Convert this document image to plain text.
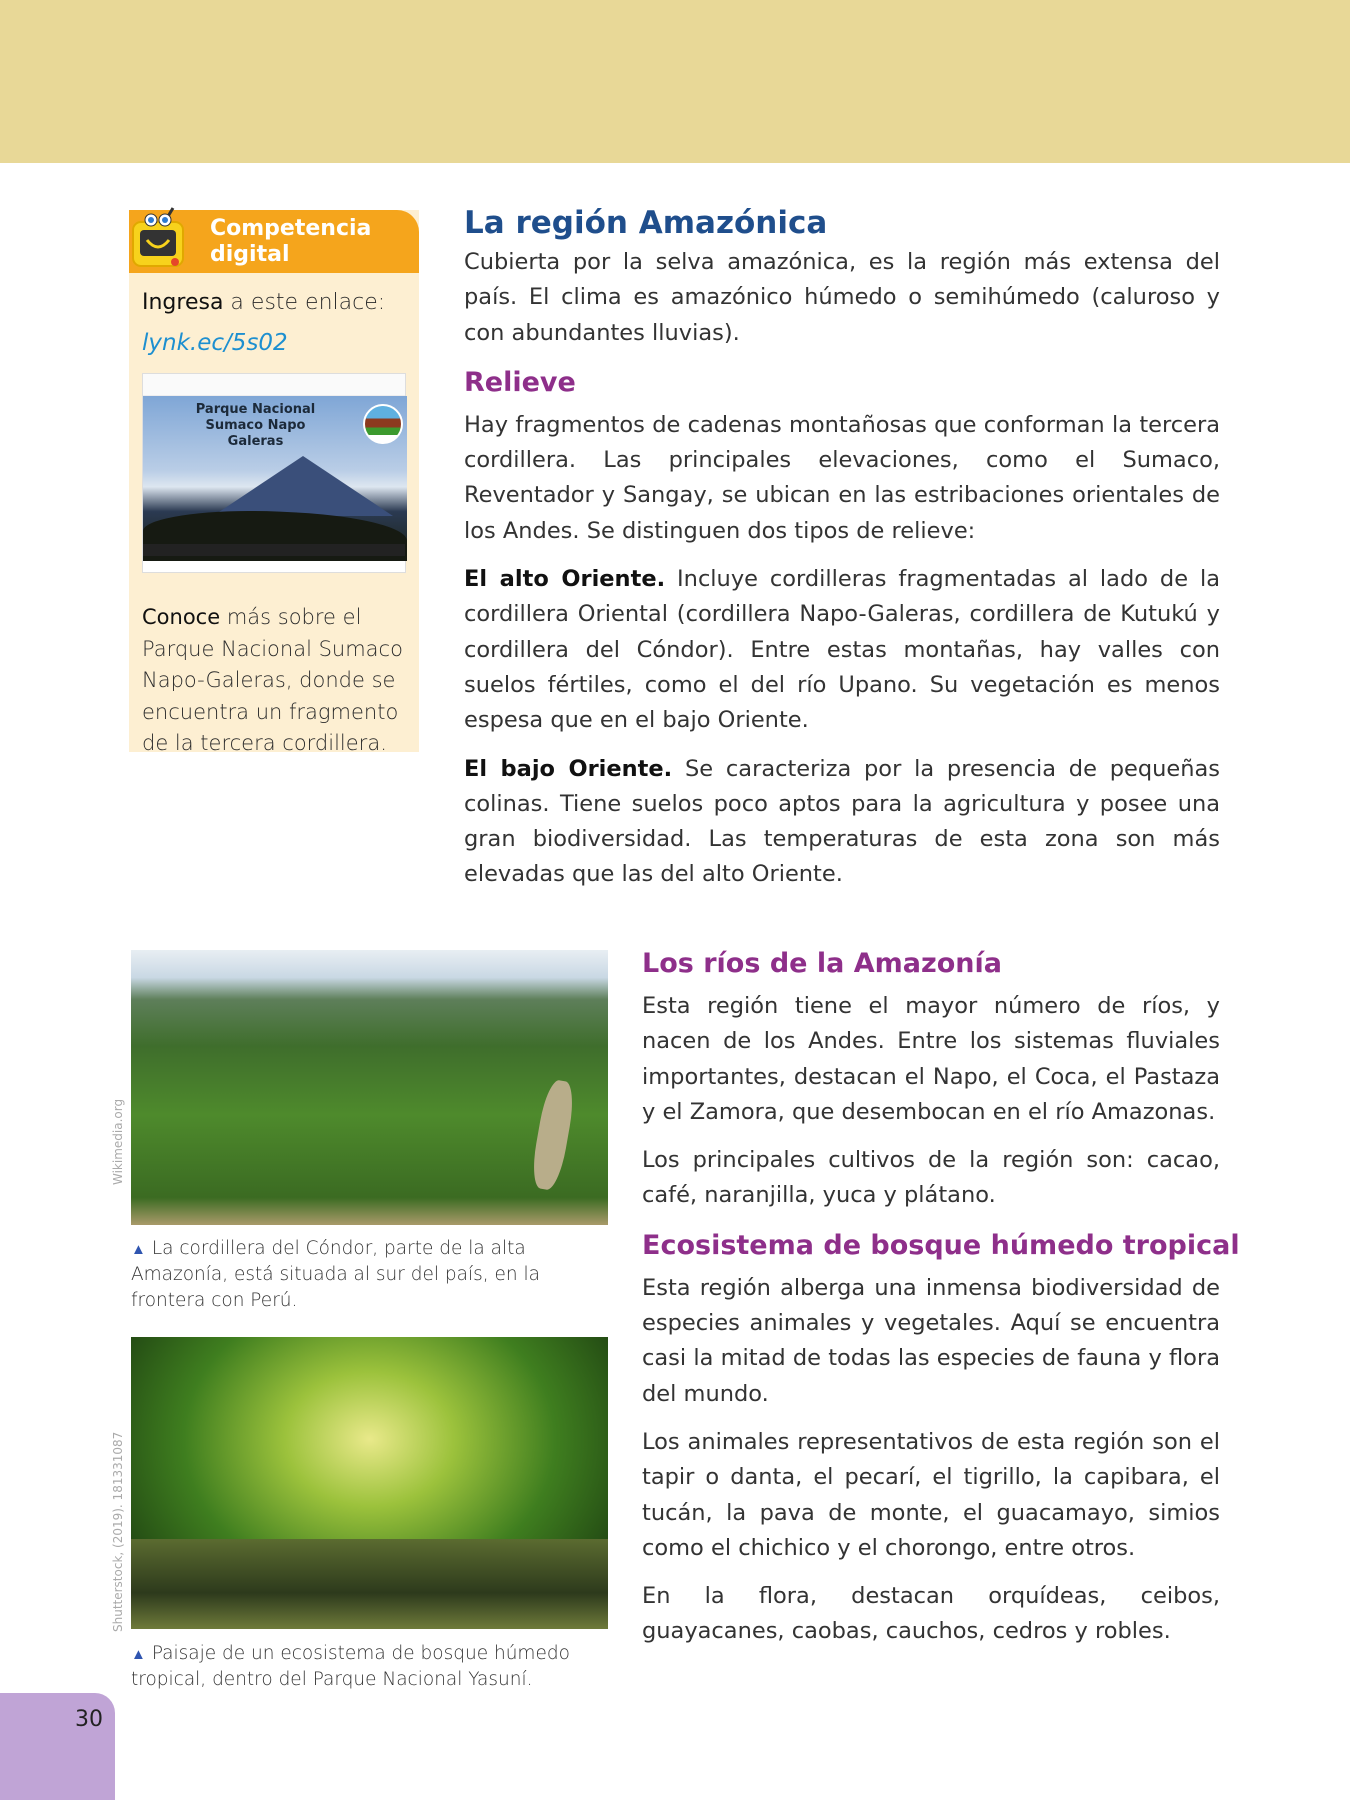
Competencia
digital
Ingresa a este enlace:
lynk.ec/5s02
Parque Nacional Sumaco Napo Galeras
Conoce más sobre el Parque Nacional Sumaco Napo-Galeras, donde se encuentra un fragmento de la tercera cordillera.
La región Amazónica

Cubierta por la selva amazónica, es la región más extensa del país. El clima es amazónico húmedo o semihúmedo (caluroso y con abundantes lluvias).

Relieve

Hay fragmentos de cadenas montañosas que conforman la tercera cordillera. Las principales elevaciones, como el Sumaco, Reventador y Sangay, se ubican en las estribaciones orientales de los Andes. Se distinguen dos tipos de relieve:

El alto Oriente. Incluye cordilleras fragmentadas al lado de la cordillera Oriental (cordillera Napo-Galeras, cordillera de Kutukú y cordillera del Cóndor). Entre estas montañas, hay valles con suelos fértiles, como el del río Upano. Su vegetación es menos espesa que en el bajo Oriente.

El bajo Oriente. Se caracteriza por la presencia de pequeñas colinas. Tiene suelos poco aptos para la agricultura y posee una gran biodiversidad. Las temperaturas de esta zona son más elevadas que las del alto Oriente.

Wikimedia.org
▲ La cordillera del Cóndor, parte de la alta Amazonía, está situada al sur del país, en la frontera con Perú.
Shutterstock, (2019). 181331087
▲ Paisaje de un ecosistema de bosque húmedo tropical, dentro del Parque Nacional Yasuní.
Los ríos de la Amazonía

Esta región tiene el mayor número de ríos, y nacen de los Andes. Entre los sistemas fluviales importantes, destacan el Napo, el Coca, el Pastaza y el Zamora, que desembocan en el río Amazonas.

Los principales cultivos de la región son: cacao, café, naranjilla, yuca y plátano.

Ecosistema de bosque húmedo tropical

Esta región alberga una inmensa biodiversidad de especies animales y vegetales. Aquí se encuentra casi la mitad de todas las especies de fauna y flora del mundo.

Los animales representativos de esta región son el tapir o danta, el pecarí, el tigrillo, la capibara, el tucán, la pava de monte, el guacamayo, simios como el chichico y el chorongo, entre otros.

En la flora, destacan orquídeas, ceibos, guayacanes, caobas, cauchos, cedros y robles.

30
